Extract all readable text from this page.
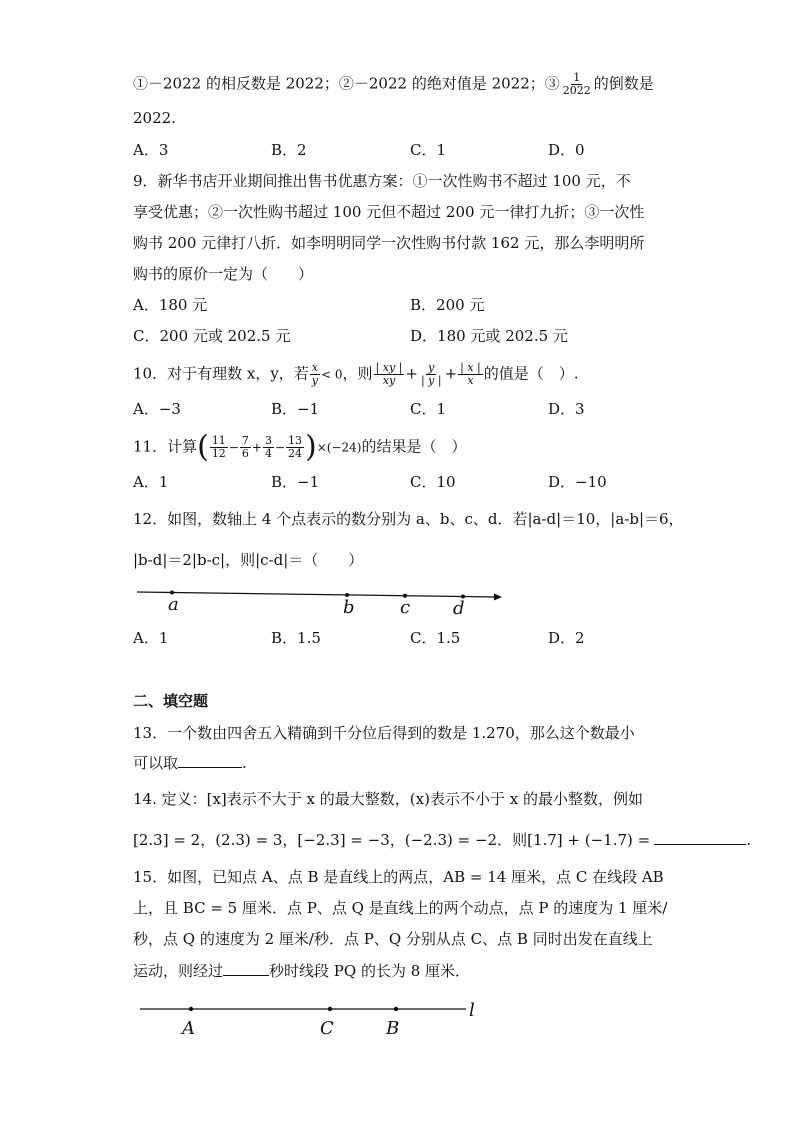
①－2022 的相反数是 2022；②－2022 的绝对值是 2022；③ $\frac{1}{2022}$ 的倒数是
2022.
A．3	B．2	C．1	D．0
9．新华书店开业期间推出售书优惠方案：①一次性购书不超过 100 元，不
享受优惠；②一次性购书超过 100 元但不超过 200 元一律打九折；③一次性
购书 200 元律打八折．如李明明同学一次性购书付款 162 元，那么李明明所
购书的原价一定为（　　）
A．180 元	B．200 元
C．200 元或 202.5 元	D．180 元或 202.5 元
10．对于有理数 x，y，若 $\frac{x}{y} < 0$，则 $\frac{| xy |}{xy} + \frac{y}{| y |} + \frac{| x |}{x}$ 的值是（　）.
A．−3	B．−1	C．1	D．3
11．计算( $\frac{11}{12} - \frac{7}{6} + \frac{3}{4} - \frac{13}{24} )\times(-24)$的结果是（　）
A．1	B．−1	C．10	D．−10
12．如图，数轴上 4 个点表示的数分别为 a、b、c、d．若|a-d|＝10，|a-b|＝6，
|b-d|＝2|b-c|，则|c-d|＝（　　）
a	b	c d
A．1	B．1.5	C．1.5	D．2
二、填空题
13．一个数由四舍五入精确到千分位后得到的数是 1.270，那么这个数最小
可以取	.
14. 定义：[x]表示不大于 x 的最大整数，(x)表示不小于 x 的最小整数，例如
[2.3] = 2，(2.3) = 3，[−2.3] = −3，(−2.3) = −2．则[1.7] + (−1.7) =	.
15．如图，已知点 A、点 B 是直线上的两点，AB = 14 厘米，点 C 在线段 AB
上，且 BC = 5 厘米．点 P、点 Q 是直线上的两个动点，点 P 的速度为 1 厘米/
秒，点 Q 的速度为 2 厘米/秒．点 P、Q 分别从点 C、点 B 同时出发在直线上
运动，则经过	秒时线段 PQ 的长为 8 厘米．
A	C	B
l
